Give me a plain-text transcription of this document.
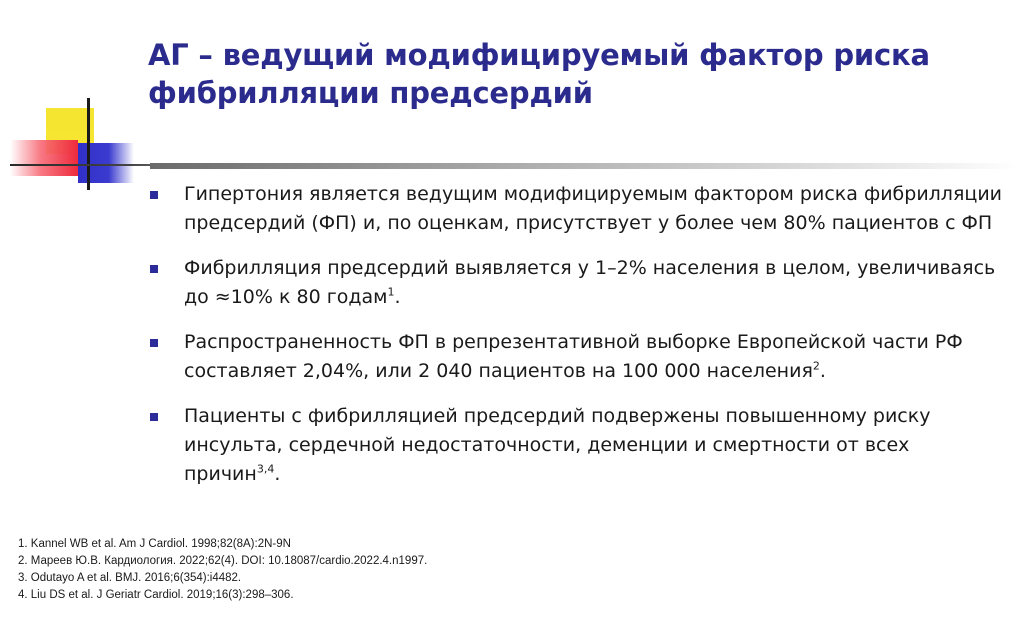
АГ – ведущий модифицируемый фактор риска фибрилляции предсердий
Гипертония является ведущим модифицируемым фактором риска фибрилляции предсердий (ФП) и, по оценкам, присутствует у более чем 80% пациентов с ФП
Фибрилляция предсердий выявляется у 1–2% населения в целом, увеличиваясь до ≈10% к 80 годам$^1$.
Распространенность ФП в репрезентативной выборке Европейской части РФ составляет 2,04%, или 2 040 пациентов на 100 000 населения$^2$.
Пациенты с фибрилляцией предсердий подвержены повышенному риску инсульта, сердечной недостаточности, деменции и смертности от всех причин$^{3,4}$.
1. Kannel WB et al. Am J Cardiol. 1998;82(8A):2N-9N
2. Мареев Ю.В. Кардиология. 2022;62(4). DOI: 10.18087/cardio.2022.4.n1997.
3. Odutayo A et al. BMJ. 2016;6(354):i4482.
4. Liu DS et al. J Geriatr Cardiol. 2019;16(3):298–306.
